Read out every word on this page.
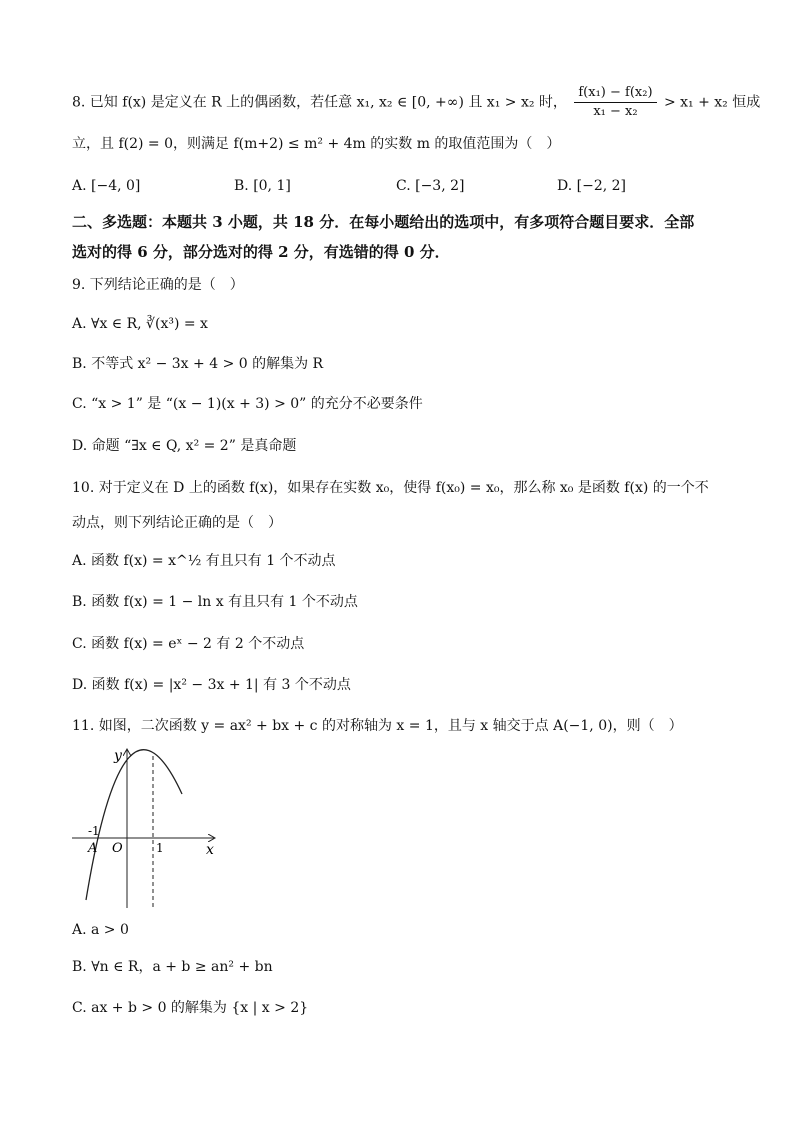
8. 已知 f(x) 是定义在 R 上的偶函数，若任意 x₁, x₂ ∈ [0, +∞) 且 x₁ > x₂ 时， $\frac{\text{f(x₁) − f(x₂)}}{\text{x₁ − x₂}} > x_1 + x_2$ 恒成
立，且 f(2) = 0，则满足 f(m+2) ≤ m² + 4m 的实数 m 的取值范围为（　）
A. [−4, 0]	B. [0, 1]	C. [−3, 2]	D. [−2, 2]
二、多选题：本题共 3 小题，共 18 分．在每小题给出的选项中，有多项符合题目要求．全部
选对的得 6 分，部分选对的得 2 分，有选错的得 0 分．
9. 下列结论正确的是（　）
A. ∀x ∈ R, ∛(x³) = x
B. 不等式 x² − 3x + 4 > 0 的解集为 R
C. “x > 1” 是 “(x − 1)(x + 3) > 0” 的充分不必要条件
D. 命题 “∃x ∈ Q, x² = 2” 是真命题
10. 对于定义在 D 上的函数 f(x)，如果存在实数 x₀，使得 f(x₀) = x₀，那么称 x₀ 是函数 f(x) 的一个不
动点，则下列结论正确的是（　）
A. 函数 f(x) = x^½ 有且只有 1 个不动点
B. 函数 f(x) = 1 − ln x 有且只有 1 个不动点
C. 函数 f(x) = eˣ − 2 有 2 个不动点
D. 函数 f(x) = |x² − 3x + 1| 有 3 个不动点
11. 如图，二次函数 y = ax² + bx + c 的对称轴为 x = 1，且与 x 轴交于点 A(−1, 0)，则（　）
y
x
-1
A O	1
A. a > 0
B. ∀n ∈ R，a + b ≥ an² + bn
C. ax + b > 0 的解集为 {x | x > 2}
